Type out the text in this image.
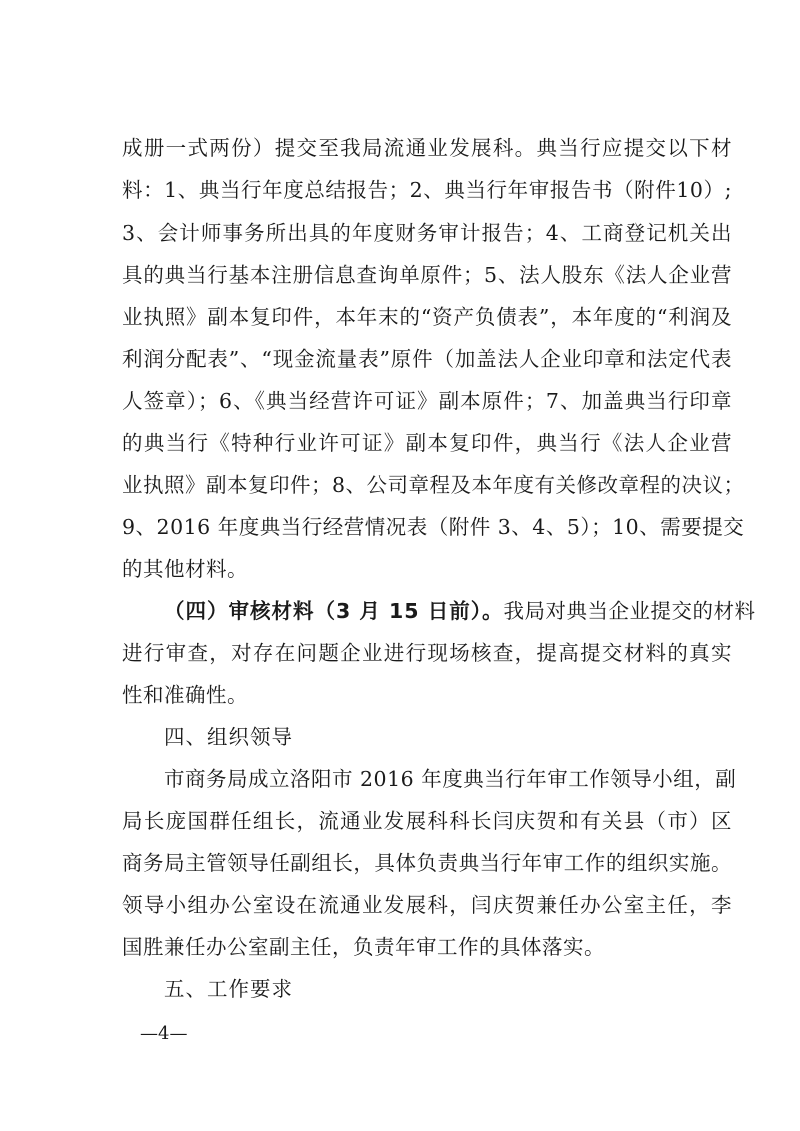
成册一式两份）提交至我局流通业发展科。典当行应提交以下材
料：1、典当行年度总结报告；2、典当行年审报告书（附件10）;
3、会计师事务所出具的年度财务审计报告；4、工商登记机关出
具的典当行基本注册信息查询单原件；5、法人股东《法人企业营
业执照》副本复印件，本年末的“资产负债表”，本年度的“利润及
利润分配表”、“现金流量表”原件（加盖法人企业印章和法定代表
人签章）；6、《典当经营许可证》副本原件；7、加盖典当行印章
的典当行《特种行业许可证》副本复印件，典当行《法人企业营
业执照》副本复印件；8、公司章程及本年度有关修改章程的决议；
9、2016 年度典当行经营情况表（附件 3、4、5）；10、需要提交
的其他材料。
（四）审核材料（3 月 15 日前）。我局对典当企业提交的材料
进行审查，对存在问题企业进行现场核查，提高提交材料的真实
性和准确性。
四、组织领导
市商务局成立洛阳市 2016 年度典当行年审工作领导小组，副
局长庞国群任组长，流通业发展科科长闫庆贺和有关县（市）区
商务局主管领导任副组长，具体负责典当行年审工作的组织实施。
领导小组办公室设在流通业发展科，闫庆贺兼任办公室主任，李
国胜兼任办公室副主任，负责年审工作的具体落实。
五、工作要求
—4—
